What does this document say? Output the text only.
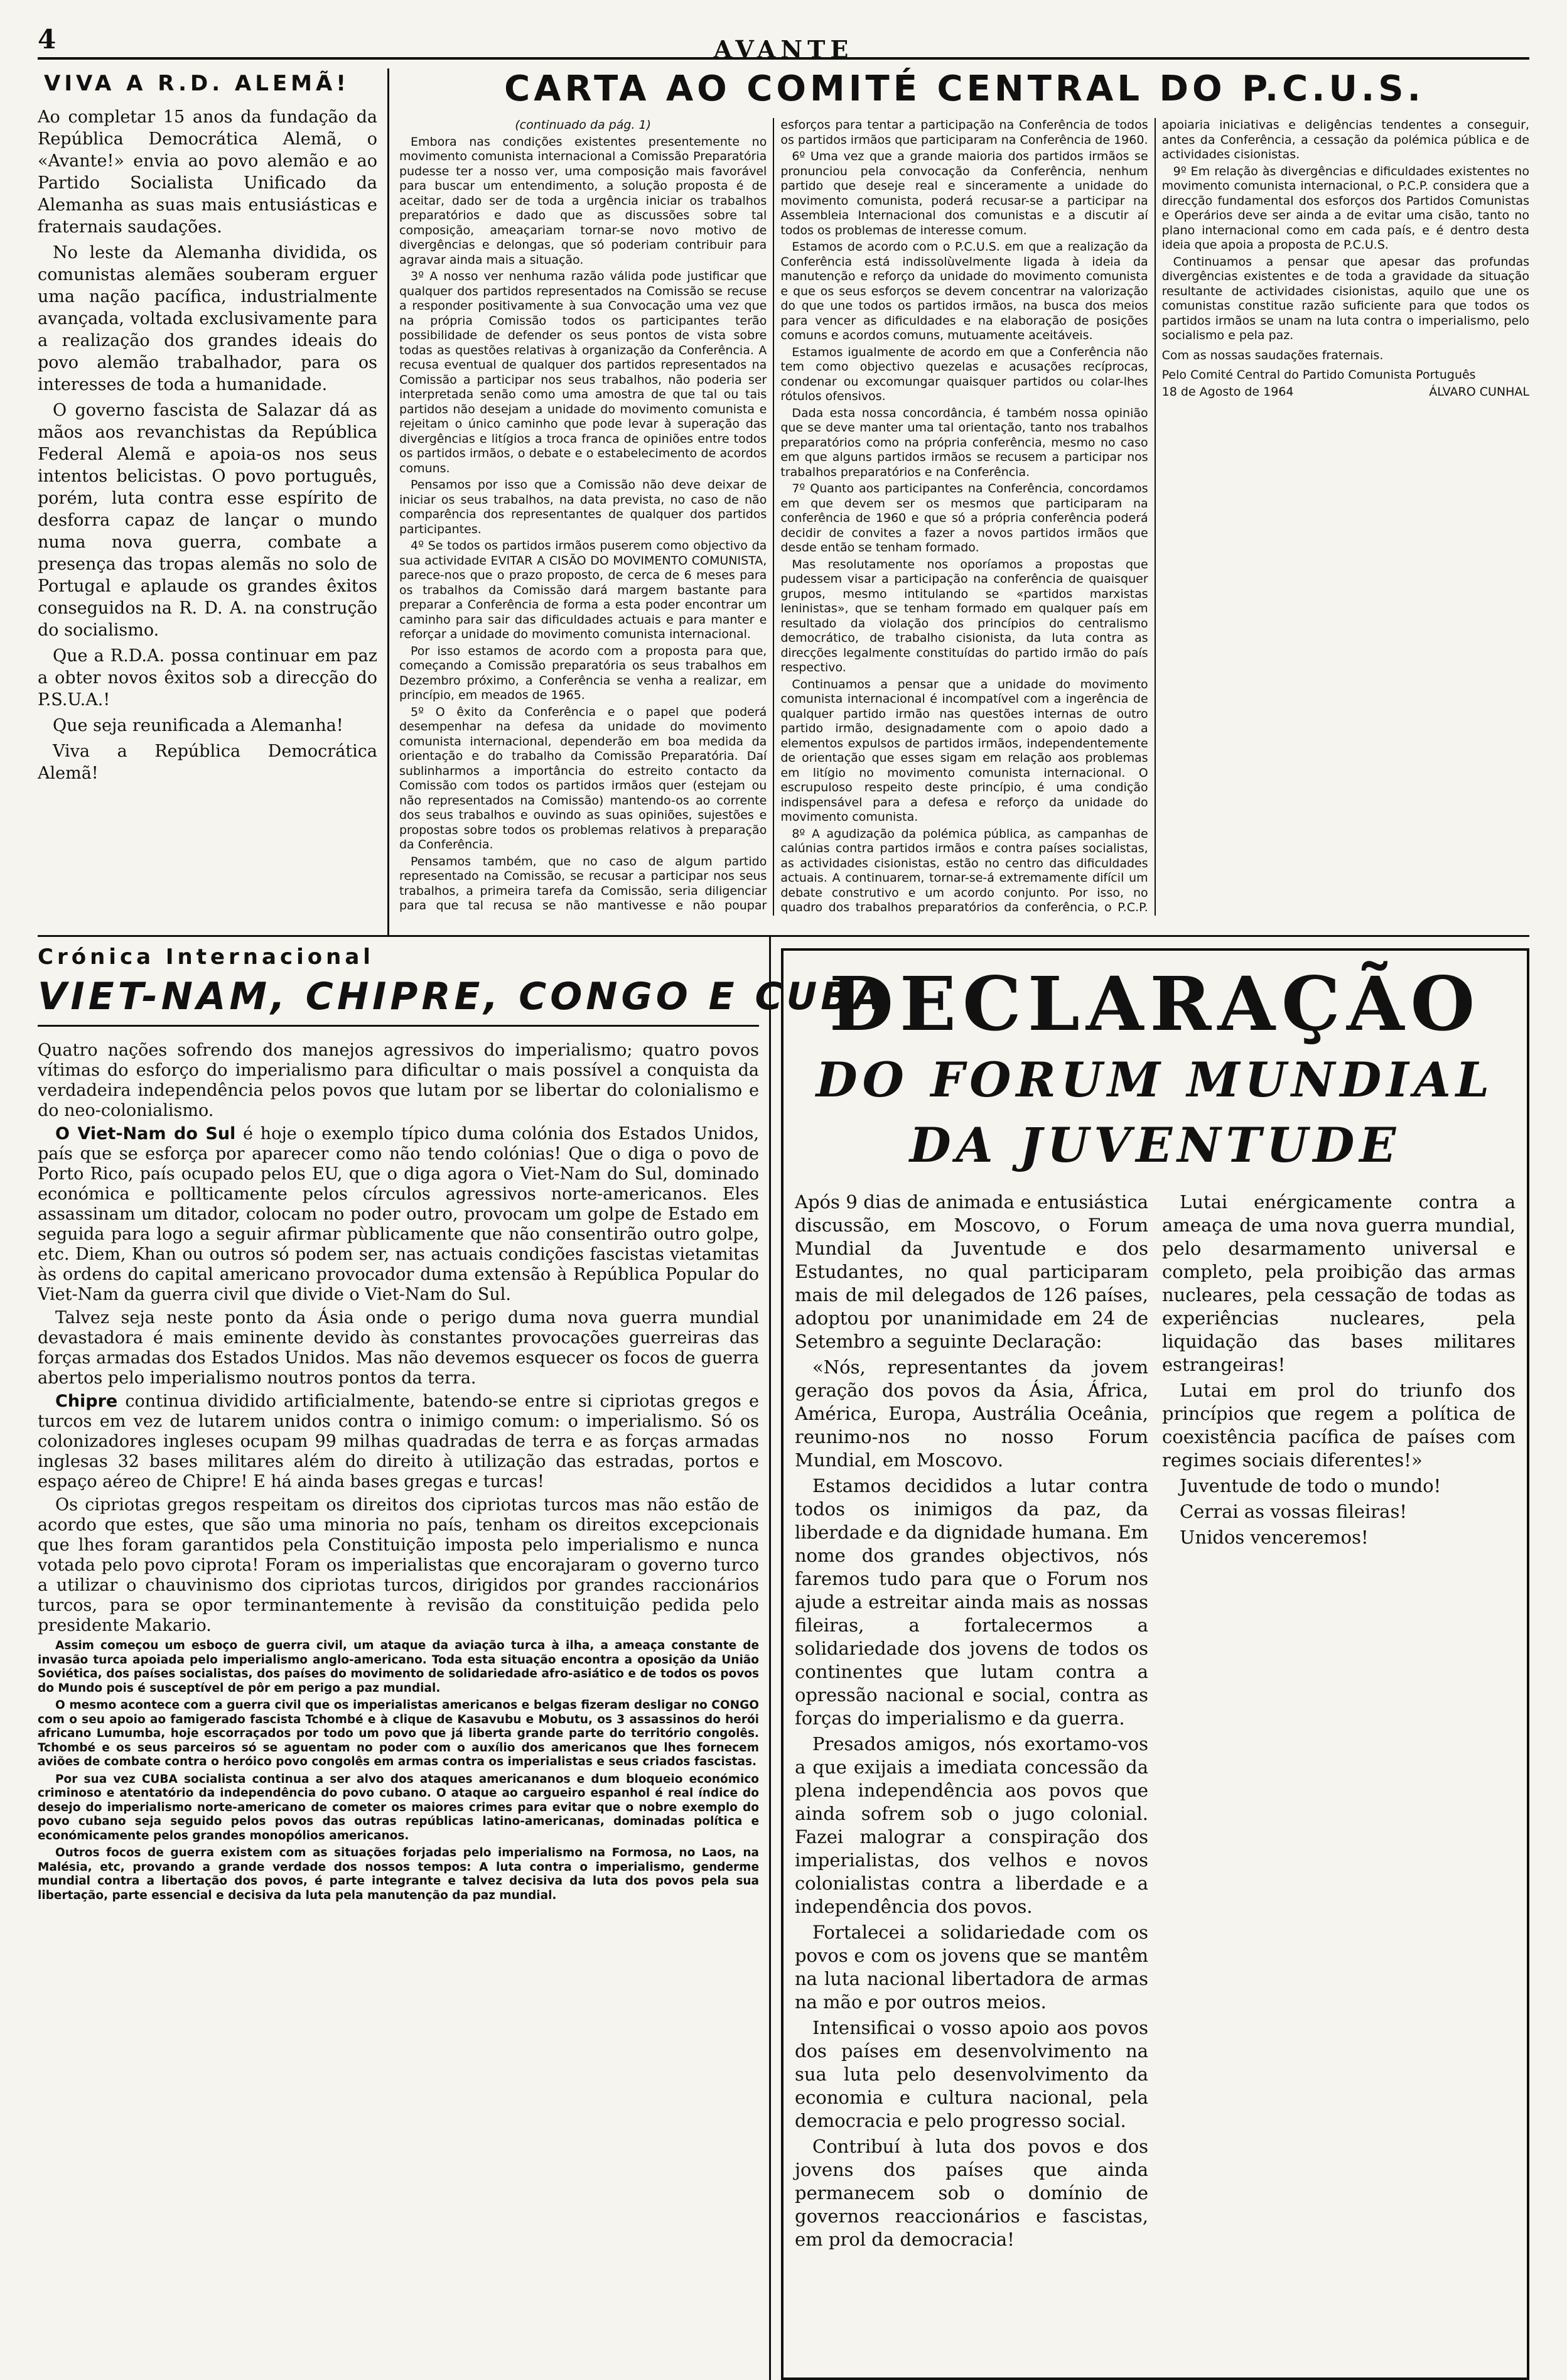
4	AVANTE
VIVA A R.D. ALEMÃ!

Ao completar 15 anos da fundação da República Democrática Alemã, o «Avante!» envia ao povo alemão e ao Partido Socialista Unificado da Alemanha as suas mais entusiásticas e fraternais saudações.

No leste da Alemanha dividida, os comunistas alemães souberam erguer uma nação pacífica, industrialmente avançada, voltada exclusivamente para a realização dos grandes ideais do povo alemão trabalhador, para os interesses de toda a humanidade.

O governo fascista de Salazar dá as mãos aos revanchistas da República Federal Alemã e apoia-os nos seus intentos belicistas. O povo português, porém, luta contra esse espírito de desforra capaz de lançar o mundo numa nova guerra, combate a presença das tropas alemãs no solo de Portugal e aplaude os grandes êxitos conseguidos na R. D. A. na construção do socialismo.

Que a R.D.A. possa continuar em paz a obter novos êxitos sob a direcção do P.S.U.A.!

Que seja reunificada a Alemanha!

Viva a República Democrática Alemã!

CARTA AO COMITÉ CENTRAL DO P.C.U.S.

(continuado da pág. 1)

Embora nas condições existentes presentemente no movimento comunista internacional a Comissão Preparatória pudesse ter a nosso ver, uma composição mais favorável para buscar um entendimento, a solução proposta é de aceitar, dado ser de toda a urgência iniciar os trabalhos preparatórios e dado que as discussões sobre tal composição, ameaçariam tornar-se novo motivo de divergências e delongas, que só poderiam contribuir para agravar ainda mais a situação.

3º A nosso ver nenhuma razão válida pode justificar que qualquer dos partidos representados na Comissão se recuse a responder positivamente à sua Convocação uma vez que na própria Comissão todos os participantes terão possibilidade de defender os seus pontos de vista sobre todas as questões relativas à organização da Conferência. A recusa eventual de qualquer dos partidos representados na Comissão a participar nos seus trabalhos, não poderia ser interpretada senão como uma amostra de que tal ou tais partidos não desejam a unidade do movimento comunista e rejeitam o único caminho que pode levar à superação das divergências e litígios a troca franca de opiniões entre todos os partidos irmãos, o debate e o estabelecimento de acordos comuns.

Pensamos por isso que a Comissão não deve deixar de iniciar os seus trabalhos, na data prevista, no caso de não comparência dos representantes de qualquer dos partidos participantes.

4º Se todos os partidos irmãos puserem como objectivo da sua actividade EVITAR A CISÃO DO MOVIMENTO COMUNISTA, parece-nos que o prazo proposto, de cerca de 6 meses para os trabalhos da Comissão dará margem bastante para preparar a Conferência de forma a esta poder encontrar um caminho para sair das dificuldades actuais e para manter e reforçar a unidade do movimento comunista internacional.

Por isso estamos de acordo com a proposta para que, começando a Comissão preparatória os seus trabalhos em Dezembro próximo, a Conferência se venha a realizar, em princípio, em meados de 1965.

5º O êxito da Conferência e o papel que poderá desempenhar na defesa da unidade do movimento comunista internacional, dependerão em boa medida da orientação e do trabalho da Comissão Preparatória. Daí sublinharmos a importância do estreito contacto da Comissão com todos os partidos irmãos quer (estejam ou não representados na Comissão) mantendo-os ao corrente dos seus trabalhos e ouvindo as suas opiniões, sujestões e propostas sobre todos os problemas relativos à preparação da Conferência.

Pensamos também, que no caso de algum partido representado na Comissão, se recusar a participar nos seus trabalhos, a primeira tarefa da Comissão, seria diligenciar para que tal recusa se não mantivesse e não poupar esforços para tentar a participação na Conferência de todos os partidos irmãos que participaram na Conferência de 1960.

6º Uma vez que a grande maioria dos partidos irmãos se pronunciou pela convocação da Conferência, nenhum partido que deseje real e sinceramente a unidade do movimento comunista, poderá recusar-se a participar na Assembleia Internacional dos comunistas e a discutir aí todos os problemas de interesse comum.

Estamos de acordo com o P.C.U.S. em que a realização da Conferência está indissolùvelmente ligada à ideia da manutenção e reforço da unidade do movimento comunista e que os seus esforços se devem concentrar na valorização do que une todos os partidos irmãos, na busca dos meios para vencer as dificuldades e na elaboração de posições comuns e acordos comuns, mutuamente aceitáveis.

Estamos igualmente de acordo em que a Conferência não tem como objectivo quezelas e acusações recíprocas, condenar ou excomungar quaisquer partidos ou colar-lhes rótulos ofensivos.

Dada esta nossa concordância, é também nossa opinião que se deve manter uma tal orientação, tanto nos trabalhos preparatórios como na própria conferência, mesmo no caso em que alguns partidos irmãos se recusem a participar nos trabalhos preparatórios e na Conferência.

7º Quanto aos participantes na Conferência, concordamos em que devem ser os mesmos que participaram na conferência de 1960 e que só a própria conferência poderá decidir de convites a fazer a novos partidos irmãos que desde então se tenham formado.

Mas resolutamente nos oporíamos a propostas que pudessem visar a participação na conferência de quaisquer grupos, mesmo intitulando se «partidos marxistas leninistas», que se tenham formado em qualquer país em resultado da violação dos princípios do centralismo democrático, de trabalho cisionista, da luta contra as direcções legalmente constituídas do partido irmão do país respectivo.

Continuamos a pensar que a unidade do movimento comunista internacional é incompatível com a ingerência de qualquer partido irmão nas questões internas de outro partido irmão, designadamente com o apoio dado a elementos expulsos de partidos irmãos, independentemente de orientação que esses sigam em relação aos problemas em litígio no movimento comunista internacional. O escrupuloso respeito deste princípio, é uma condição indispensável para a defesa e reforço da unidade do movimento comunista.

8º A agudização da polémica pública, as campanhas de calúnias contra partidos irmãos e contra países socialistas, as actividades cisionistas, estão no centro das dificuldades actuais. A continuarem, tornar-se-á extremamente difícil um debate construtivo e um acordo conjunto. Por isso, no quadro dos trabalhos preparatórios da conferência, o P.C.P. apoiaria iniciativas e deligências tendentes a conseguir, antes da Conferência, a cessação da polémica pública e de actividades cisionistas.

9º Em relação às divergências e dificuldades existentes no movimento comunista internacional, o P.C.P. considera que a direcção fundamental dos esforços dos Partidos Comunistas e Operários deve ser ainda a de evitar uma cisão, tanto no plano internacional como em cada país, e é dentro desta ideia que apoia a proposta de P.C.U.S.

Continuamos a pensar que apesar das profundas divergências existentes e de toda a gravidade da situação resultante de actividades cisionistas, aquilo que une os comunistas constitue razão suficiente para que todos os partidos irmãos se unam na luta contra o imperialismo, pelo socialismo e pela paz.

Com as nossas saudações fraternais.

Pelo Comité Central do Partido Comunista Português

18 de Agosto de 1964	ÁLVARO CUNHAL
Crónica Internacional
VIET-NAM, CHIPRE, CONGO E CUBA

Quatro nações sofrendo dos manejos agressivos do imperialismo; quatro povos vítimas do esforço do imperialismo para dificultar o mais possível a conquista da verdadeira independência pelos povos que lutam por se libertar do colonialismo e do neo-colonialismo.

O Viet-Nam do Sul é hoje o exemplo típico duma colónia dos Estados Unidos, país que se esforça por aparecer como não tendo colónias! Que o diga o povo de Porto Rico, país ocupado pelos EU, que o diga agora o Viet-Nam do Sul, dominado económica e pollticamente pelos círculos agressivos norte-americanos. Eles assassinam um ditador, colocam no poder outro, provocam um golpe de Estado em seguida para logo a seguir afirmar pùblicamente que não consentirão outro golpe, etc. Diem, Khan ou outros só podem ser, nas actuais condições fascistas vietamitas às ordens do capital americano provocador duma extensão à República Popular do Viet-Nam da guerra civil que divide o Viet-Nam do Sul.

Talvez seja neste ponto da Ásia onde o perigo duma nova guerra mundial devastadora é mais eminente devido às constantes provocações guerreiras das forças armadas dos Estados Unidos. Mas não devemos esquecer os focos de guerra abertos pelo imperialismo noutros pontos da terra.

Chipre continua dividido artificialmente, batendo-se entre si cipriotas gregos e turcos em vez de lutarem unidos contra o inimigo comum: o imperialismo. Só os colonizadores ingleses ocupam 99 milhas quadradas de terra e as forças armadas inglesas 32 bases militares além do direito à utilização das estradas, portos e espaço aéreo de Chipre! E há ainda bases gregas e turcas!

Os cipriotas gregos respeitam os direitos dos cipriotas turcos mas não estão de acordo que estes, que são uma minoria no país, tenham os direitos excepcionais que lhes foram garantidos pela Constituição imposta pelo imperialismo e nunca votada pelo povo ciprota! Foram os imperialistas que encorajaram o governo turco a utilizar o chauvinismo dos cipriotas turcos, dirigidos por grandes raccionários turcos, para se opor terminantemente à revisão da constituição pedida pelo presidente Makario.

Assim começou um esboço de guerra civil, um ataque da aviação turca à ilha, a ameaça constante de invasão turca apoiada pelo imperialismo anglo-americano. Toda esta situação encontra a oposição da União Soviética, dos países socialistas, dos países do movimento de solidariedade afro-asiático e de todos os povos do Mundo pois é susceptível de pôr em perigo a paz mundial.

O mesmo acontece com a guerra civil que os imperialistas americanos e belgas fizeram desligar no CONGO com o seu apoio ao famigerado fascista Tchombé e à clique de Kasavubu e Mobutu, os 3 assassinos do herói africano Lumumba, hoje escorraçados por todo um povo que já liberta grande parte do território congolês. Tchombé e os seus parceiros só se aguentam no poder com o auxílio dos americanos que lhes fornecem aviões de combate contra o heróico povo congolês em armas contra os imperialistas e seus criados fascistas.

Por sua vez CUBA socialista continua a ser alvo dos ataques americananos e dum bloqueio económico criminoso e atentatório da independência do povo cubano. O ataque ao cargueiro espanhol é real índice do desejo do imperialismo norte-americano de cometer os maiores crimes para evitar que o nobre exemplo do povo cubano seja seguido pelos povos das outras repúblicas latino-americanas, dominadas política e económicamente pelos grandes monopólios americanos.

Outros focos de guerra existem com as situações forjadas pelo imperialismo na Formosa, no Laos, na Malésia, etc, provando a grande verdade dos nossos tempos: A luta contra o imperialismo, genderme mundial contra a libertação dos povos, é parte integrante e talvez decisiva da luta dos povos pela sua libertação, parte essencial e decisiva da luta pela manutenção da paz mundial.

DECLARAÇÃO
DO FORUM MUNDIAL
DA JUVENTUDE

Após 9 dias de animada e entusiástica discussão, em Moscovo, o Forum Mundial da Juventude e dos Estudantes, no qual participaram mais de mil delegados de 126 países, adoptou por unanimidade em 24 de Setembro a seguinte Declaração:

«Nós, representantes da jovem geração dos povos da Ásia, África, América, Europa, Austrália Oceânia, reunimo-nos no nosso Forum Mundial, em Moscovo.

Estamos decididos a lutar contra todos os inimigos da paz, da liberdade e da dignidade humana. Em nome dos grandes objectivos, nós faremos tudo para que o Forum nos ajude a estreitar ainda mais as nossas fileiras, a fortalecermos a solidariedade dos jovens de todos os continentes que lutam contra a opressão nacional e social, contra as forças do imperialismo e da guerra.

Presados amigos, nós exortamo-vos a que exijais a imediata concessão da plena independência aos povos que ainda sofrem sob o jugo colonial. Fazei malograr a conspiração dos imperialistas, dos velhos e novos colonialistas contra a liberdade e a independência dos povos.

Fortalecei a solidariedade com os povos e com os jovens que se mantêm na luta nacional libertadora de armas na mão e por outros meios.

Intensificai o vosso apoio aos povos dos países em desenvolvimento na sua luta pelo desenvolvimento da economia e cultura nacional, pela democracia e pelo progresso social.

Contribuí à luta dos povos e dos jovens dos países que ainda permanecem sob o domínio de governos reaccionários e fascistas, em prol da democracia!

Lutai enérgicamente contra a ameaça de uma nova guerra mundial, pelo desarmamento universal e completo, pela proibição das armas nucleares, pela cessação de todas as experiências nucleares, pela liquidação das bases militares estrangeiras!

Lutai em prol do triunfo dos princípios que regem a política de coexistência pacífica de países com regimes sociais diferentes!»

Juventude de todo o mundo!

Cerrai as vossas fileiras!

Unidos venceremos!
